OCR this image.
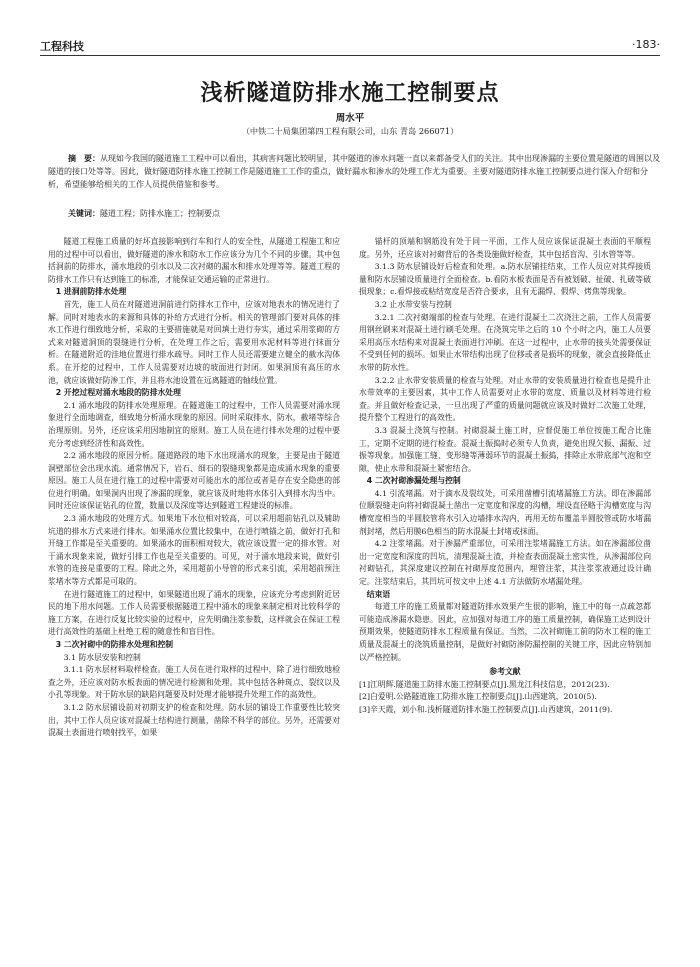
工程科技	·183·
浅析隧道防排水施工控制要点
周水平
（中铁二十局集团第四工程有限公司，山东 青岛 266071）
摘　要：从现如今我国的隧道施工工程中可以看出，其病害问题比较明显，其中隧道的渗水问题一直以来都备受人们的关注。其中出现渗漏的主要位置是隧道的周围以及隧道的接口处等等。因此，做好隧道防排水施工控制工作是隧道施工工作的重点，做好漏水和渗水的处理工作尤为重要。主要对隧道防排水施工控制要点进行深入介绍和分析，希望能够给相关的工作人员提供借鉴和参考。
关键词：隧道工程；防排水施工；控制要点

隧道工程施工质量的好坏直接影响到行车和行人的安全性，从隧道工程施工和应用的过程中可以看出，做好隧道的渗水和防水工作应该分为几个不同的步骤。其中包括洞前的防排水，涌水地段的引水以及二次衬砌的漏水和排水处理等等。隧道工程的防排水工作只有达到施工的标准，才能保证交通运输的正常进行。

1 进洞前防排水处理

首先，施工人员在对隧道进洞前进行防排水工作中，应该对地表水的情况进行了解。同时对地表水的来源和具体的补给方式进行分析。相关的管理部门要对具体的排水工作进行细致地分析，采取的主要措施就是对回填土进行夯实，通过采用浆砌的方式来对隧道洞顶的裂缝进行分析，在处理工作之后，需要用水泥材料等进行抹面分析。在隧道附近的洼地位置进行排水疏导。同时工作人员还需要建立健全的截水沟体系。在开挖的过程中，工作人员需要对边坡的坡面进行封闭。如果洞顶有高压的水池，就应该做好防渗工作，并且将水池设置在远离隧道的轴线位置。

2 开挖过程对涌水地段的防排水处理

2.1 涌水地段的防排水处理原理。在隧道施工的过程中，工作人员需要对涌水现象进行全面地调查，细致地分析涌水现象的原因。同时采取排水，防水，截堵等综合治理原则。另外，还应该采用因地制宜的原则。施工人员在进行排水处理的过程中要充分考虑到经济性和高效性。

2.2 涌水地段的原因分析。隧道路段的地下水出现涌水的现象，主要是由于隧道洞壁部位会出现水流。通常情况下，岩石、细石的裂缝现象都是造成涌水现象的重要原因。施工人员在进行施工的过程中需要对可能出水的部位或者是存在安全隐患的部位进行明确。如果洞内出现了渗漏的现象，就应该及时地将水体引入到排水沟当中。同时还应该保证钻孔的位置，数量以及深度等达到隧道工程建设的标准。

2.3 涌水地段的处理方式。如果地下水位相对较高，可以采用超前钻孔以及辅助坑道的排水方式来进行排水。如果涌水位置比较集中，在进行喷锚之前，做好打孔和开缝工作都是至关重要的。如果涌水的面积相对较大，就应该设置一定的排水管。对于涌水现象来说，做好引排工作也是至关重要的。可见，对于涌水地段来说，做好引水管的连接是重要的工程。除此之外，采用超前小导管的形式来引流，采用超前预注浆堵水等方式都是可取的。

在进行隧道施工的过程中，如果隧道出现了涌水的现象，应该充分考虑到附近居民的地下用水问题。工作人员需要根据隧道工程中涌水的现象来制定相对比较科学的施工方案，在进行反复比较实验的过程中，应先明确注浆参数，这样就会在保证工程进行高效性的基础上杜绝工程的随意性和盲目性。

3 二次衬砌中的防排水处理和控制

3.1 防水层安装和控制

3.1.1 防水层材料取样检查。施工人员在进行取样的过程中，除了进行细致地检查之外，还应该对防水板表面的情况进行检测和处理。其中包括各种斑点、裂纹以及小孔等现象。对于防水层的缺陷问题要及时处理才能够提升处理工作的高效性。

3.1.2 防水层铺设前对初期支护的检查和处理。防水层的铺设工作重要性比较突出，其中工作人员应该对混凝土结构进行测量，凿除不科学的部位。另外，还需要对混凝土表面进行喷射找平，如果

锚杆的顶端和钢筋没有处于同一平面，工作人员应该保证混凝土表面的平顺程度。另外，还应该对衬砌背后的各类设施做好检查，其中包括盲沟、引水管等等。

3.1.3 防水层铺设好后检查和处理。a.防水层铺挂结束，工作人员应对其焊接质量和防水层铺设质量进行全面检查。b.看防水板表面是否有被划破、扯破、扎破等破损现象；c.看焊接或粘结宽度是否符合要求，且有无漏焊、假焊、烤焦等现象。

3.2 止水带安装与控制

3.2.1 二次衬砌端部的检查与处理。在进行混凝土二次浇注之前，工作人员需要用钢丝刷来对混凝土进行刷毛处理。在浇筑完毕之后的 10 个小时之内，施工人员要采用高压水结构来对混凝土表面进行冲刷。在这一过程中，止水带的接头处需要保证不受到任何的损坏。如果止水带结构出现了位移或者是损坏的现象，就会直接降低止水带的防水性。

3.2.2 止水带安装质量的检查与处理。对止水带的安装质量进行检查也是提升止水带效率的主要因素，其中工作人员需要对止水带的宽度、质量以及材料等进行检查。并且做好检查记录，一旦出现了严重的质量问题就应该及时做好二次施工处理，提升整个工程进行的高效性。

3.3 混凝土浇筑与控制。衬砌混凝土施工时，应督促施工单位按施工配合比施工，定期不定期的进行检查。混凝土振捣时必须专人负责，避免出现欠振、漏振、过振等现象。加强施工缝、变形缝等薄弱环节的混凝土振捣，排除止水带底部气泡和空隙，使止水带和混凝土紧密结合。

4 二次衬砌渗漏处理与控制

4.1 引流堵漏。对于滴水及裂纹处，可采用凿槽引流堵漏施工方法。即在渗漏部位顺裂缝走向将衬砌混凝土凿出一定宽度和深度的沟槽，埋设直径略于沟槽宽度与沟槽宽度相当的半圆胶管将水引入边墙排水沟内，再用无纺布覆盖半圆胶管或防水堵漏剂封堵，然后用膜6色相当的防水混凝土封堵或抹面。

4.2 注浆堵漏。对于渗漏严重部位，可采用注浆堵漏施工方法。如在渗漏部位凿出一定宽度和深度的凹坑，清理混凝土渣，并检查表面混凝土密实性，从渗漏部位向衬砌钻孔，其深度建议控制在衬砌厚度范围内，埋管注浆，其注浆浆液通过设计确定。注浆结束后，其凹坑可按文中上述 4.1 方法做防水堵漏处理。

结束语

每道工序的施工质量都对隧道防排水效果产生很的影响，施工中的每一点疏忽都可能造成渗漏水隐患。因此，应加强对每道工序的施工质量控制，确保施工达到设计预期效果，使隧道防排水工程质量有保证。当然，二次衬砌施工前的防水工程的施工质量及混凝土的浇筑质量控制，是做好衬砌防渗防漏控制的关键工序，因此应特别加以严格控制。

参考文献

[1]江明辉.隧道施工防排水施工控制要点[J].黑龙江科技信息，2012(23).

[2]白爱明.公路隧道施工防排水施工控制要点[J].山西建筑，2010(5).

[3]辛天霞，刘小和.浅析隧道防排水施工控制要点[J].山西建筑，2011(9).
